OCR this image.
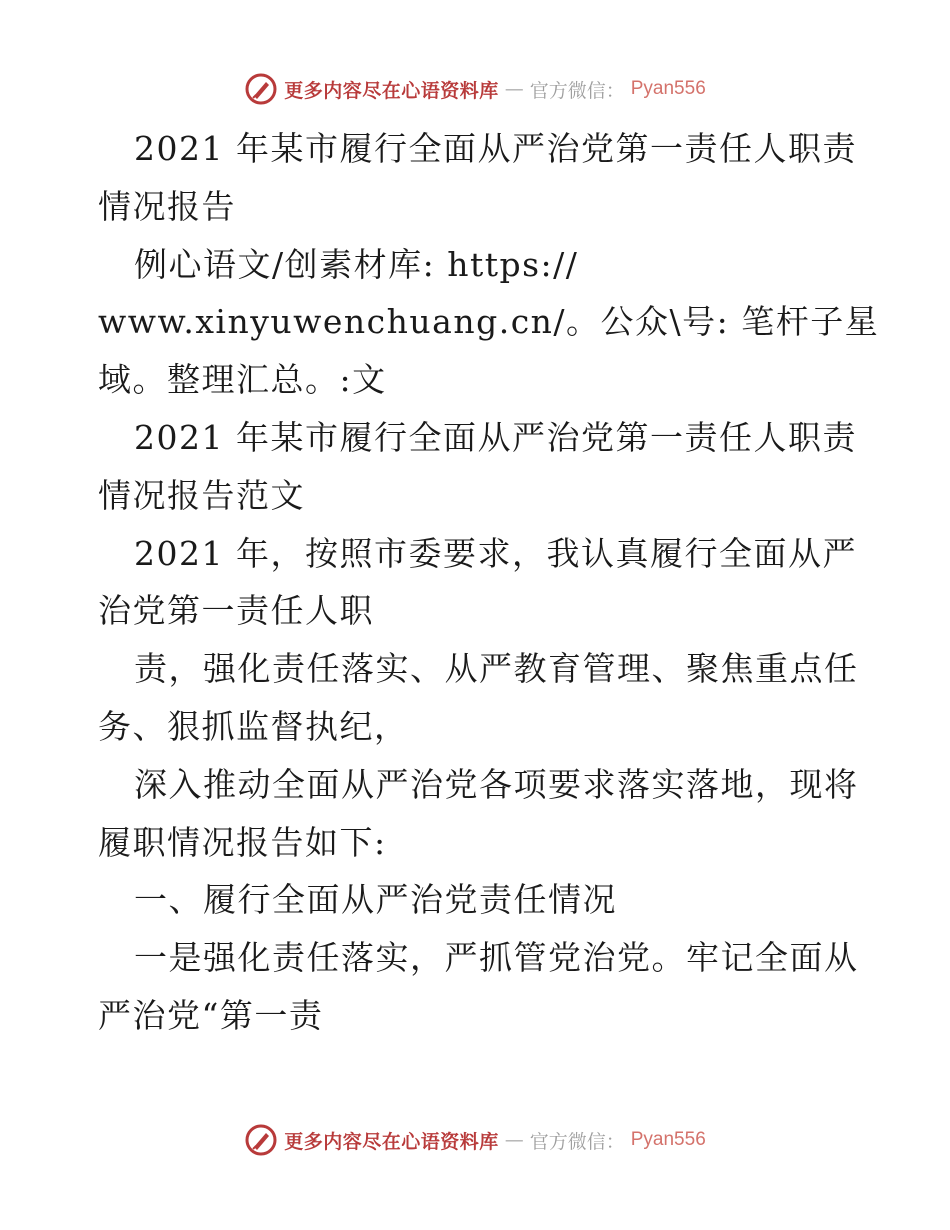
更多内容尽在心语资料库 — 官方微信： Pyan556
2021 年某市履行全面从严治党第一责任人职责
情况报告
例心语文/创素材库: https://
www.xinyuwenchuang.cn/。公众\号: 笔杆子星
域。整理汇总。:文
2021 年某市履行全面从严治党第一责任人职责
情况报告范文
2021 年，按照市委要求，我认真履行全面从严
治党第一责任人职
责，强化责任落实、从严教育管理、聚焦重点任
务、狠抓监督执纪，
深入推动全面从严治党各项要求落实落地，现将
履职情况报告如下:
一、履行全面从严治党责任情况
一是强化责任落实，严抓管党治党。牢记全面从
严治党“第一责
更多内容尽在心语资料库 — 官方微信： Pyan556
